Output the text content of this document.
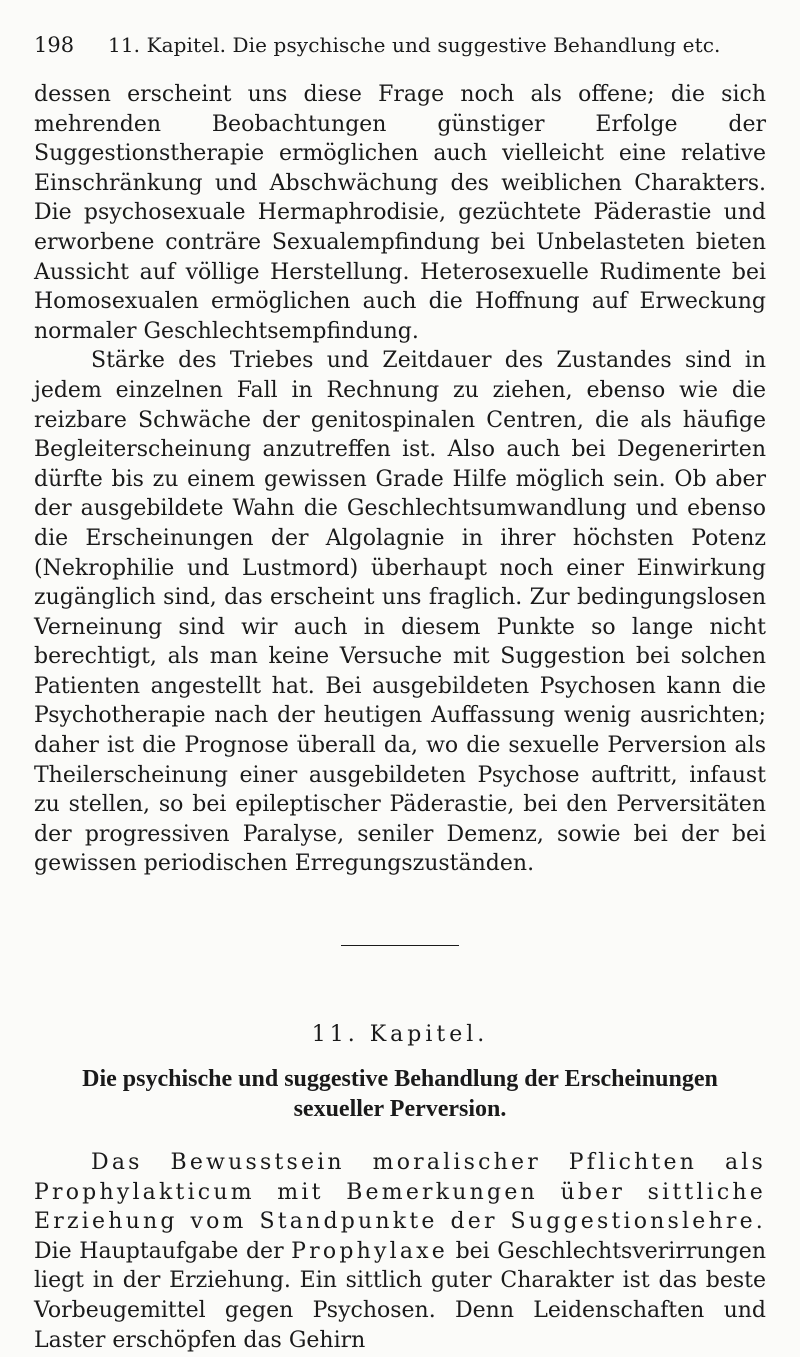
198	11. Kapitel. Die psychische und suggestive Behandlung etc.

dessen erscheint uns diese Frage noch als offene; die sich mehrenden Beobachtungen günstiger Erfolge der Suggestionstherapie ermöglichen auch vielleicht eine relative Einschränkung und Abschwächung des weiblichen Charakters. Die psychosexuale Hermaphrodisie, gezüchtete Päderastie und erworbene conträre Sexualempfindung bei Unbelasteten bieten Aussicht auf völlige Herstellung. Heterosexuelle Rudimente bei Homosexualen ermöglichen auch die Hoffnung auf Erweckung normaler Geschlechtsempfindung.

Stärke des Triebes und Zeitdauer des Zustandes sind in jedem einzelnen Fall in Rechnung zu ziehen, ebenso wie die reizbare Schwäche der genitospinalen Centren, die als häufige Begleiterscheinung anzutreffen ist. Also auch bei Degenerirten dürfte bis zu einem gewissen Grade Hilfe möglich sein. Ob aber der ausgebildete Wahn die Geschlechtsumwandlung und ebenso die Erscheinungen der Algolagnie in ihrer höchsten Potenz (Nekrophilie und Lustmord) überhaupt noch einer Einwirkung zugänglich sind, das erscheint uns fraglich. Zur bedingungslosen Verneinung sind wir auch in diesem Punkte so lange nicht berechtigt, als man keine Versuche mit Suggestion bei solchen Patienten angestellt hat. Bei ausgebildeten Psychosen kann die Psychotherapie nach der heutigen Auffassung wenig ausrichten; daher ist die Prognose überall da, wo die sexuelle Perversion als Theilerscheinung einer ausgebildeten Psychose auftritt, infaust zu stellen, so bei epileptischer Päderastie, bei den Perversitäten der progressiven Paralyse, seniler Demenz, sowie bei der bei gewissen periodischen Erregungszuständen.

11. Kapitel.
Die psychische und suggestive Behandlung der Erscheinungen sexueller Perversion.

Das Bewusstsein moralischer Pflichten als Prophylakticum mit Bemerkungen über sittliche Erziehung vom Standpunkte der Suggestionslehre. Die Hauptaufgabe der Prophylaxe bei Geschlechtsverirrungen liegt in der Erziehung. Ein sittlich guter Charakter ist das beste Vorbeugemittel gegen Psychosen. Denn Leidenschaften und Laster erschöpfen das Gehirn
